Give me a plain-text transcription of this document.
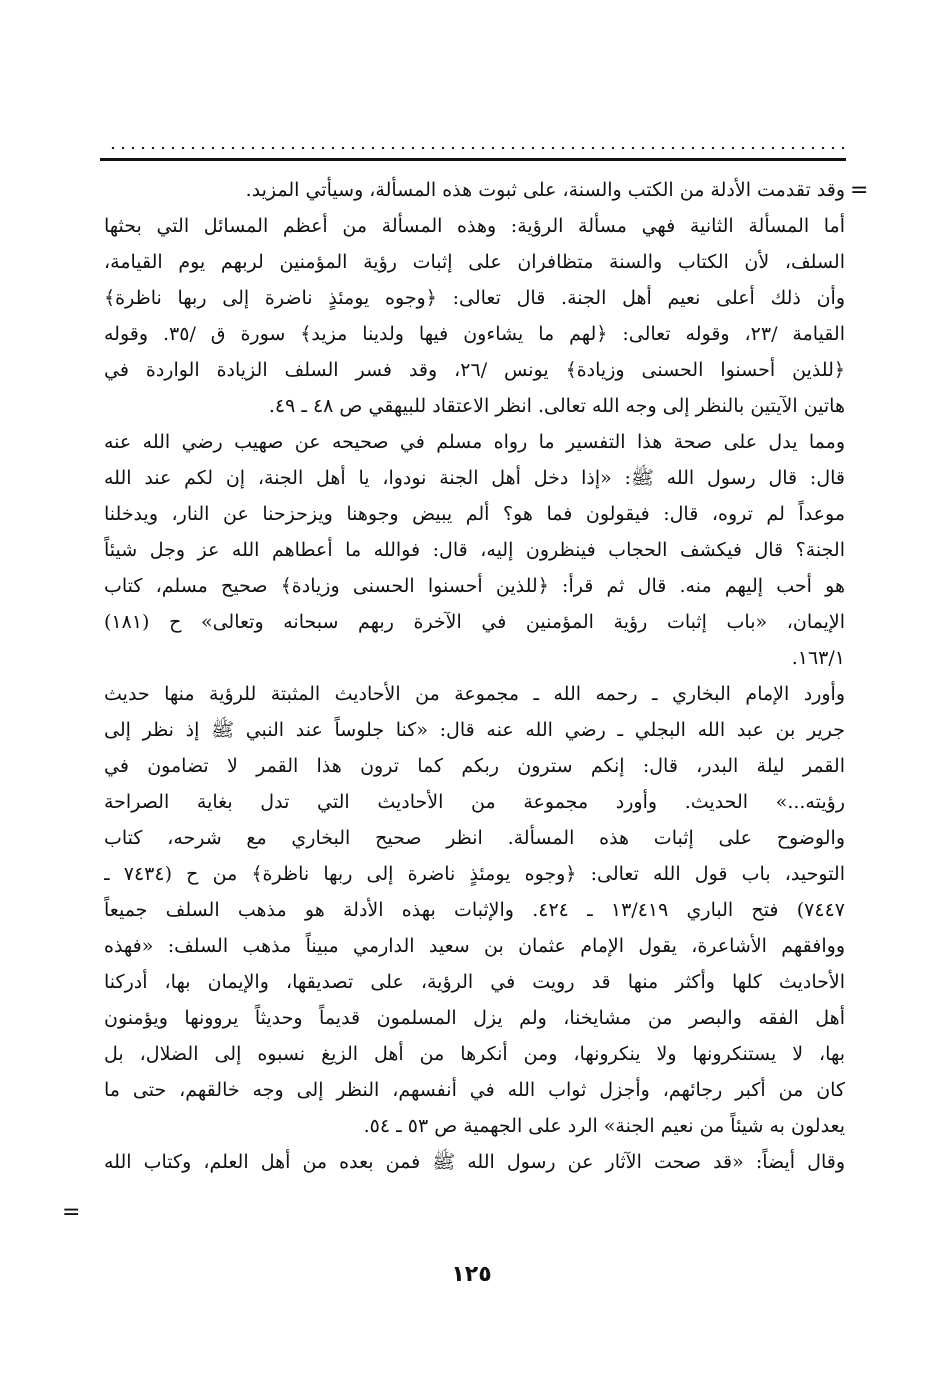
=

وقد تقدمت الأدلة من الكتب والسنة، على ثبوت هذه المسألة، وسيأتي المزيد.

أما المسألة الثانية فهي مسألة الرؤية: وهذه المسألة من أعظم المسائل التي بحثها
السلف، لأن الكتاب والسنة متظافران على إثبات رؤية المؤمنين لربهم يوم القيامة،
وأن ذلك أعلى نعيم أهل الجنة. قال تعالى: ﴿وجوه يومئذٍ ناضرة إلى ربها ناظرة﴾
القيامة /٢٣، وقوله تعالى: ﴿لهم ما يشاءون فيها ولدينا مزيد﴾ سورة ق /٣٥. وقوله
﴿للذين أحسنوا الحسنى وزيادة﴾ يونس /٢٦، وقد فسر السلف الزيادة الواردة في
هاتين الآيتين بالنظر إلى وجه الله تعالى. انظر الاعتقاد للبيهقي ص ٤٨ ـ ٤٩.

ومما يدل على صحة هذا التفسير ما رواه مسلم في صحيحه عن صهيب رضي الله عنه
قال: قال رسول الله ﷺ: «إذا دخل أهل الجنة نودوا، يا أهل الجنة، إن لكم عند الله
موعداً لم تروه، قال: فيقولون فما هو؟ ألم يبيض وجوهنا ويزحزحنا عن النار، ويدخلنا
الجنة؟ قال فيكشف الحجاب فينظرون إليه، قال: فوالله ما أعطاهم الله عز وجل شيئاً
هو أحب إليهم منه. قال ثم قرأ: ﴿للذين أحسنوا الحسنى وزيادة﴾ صحيح مسلم، كتاب
الإيمان، «باب إثبات رؤية المؤمنين في الآخرة ربهم سبحانه وتعالى» ح (١٨١)
١٦٣/١.

وأورد الإمام البخاري ـ رحمه الله ـ مجموعة من الأحاديث المثبتة للرؤية منها حديث
جرير بن عبد الله البجلي ـ رضي الله عنه قال: «كنا جلوساً عند النبي ﷺ إذ نظر إلى
القمر ليلة البدر، قال: إنكم سترون ربكم كما ترون هذا القمر لا تضامون في
رؤيته...» الحديث. وأورد مجموعة من الأحاديث التي تدل بغاية الصراحة
والوضوح على إثبات هذه المسألة. انظر صحيح البخاري مع شرحه، كتاب
التوحيد، باب قول الله تعالى: ﴿وجوه يومئذٍ ناضرة إلى ربها ناظرة﴾ من ح (٧٤٣٤ ـ
٧٤٤٧) فتح الباري ١٣/٤١٩ ـ ٤٢٤. والإثبات بهذه الأدلة هو مذهب السلف جميعاً
ووافقهم الأشاعرة، يقول الإمام عثمان بن سعيد الدارمي مبيناً مذهب السلف: «فهذه
الأحاديث كلها وأكثر منها قد رويت في الرؤية، على تصديقها، والإيمان بها، أدركنا
أهل الفقه والبصر من مشايخنا، ولم يزل المسلمون قديماً وحديثاً يروونها ويؤمنون
بها، لا يستنكرونها ولا ينكرونها، ومن أنكرها من أهل الزيغ نسبوه إلى الضلال، بل
كان من أكبر رجائهم، وأجزل ثواب الله في أنفسهم، النظر إلى وجه خالقهم، حتى ما
يعدلون به شيئاً من نعيم الجنة» الرد على الجهمية ص ٥٣ ـ ٥٤.

وقال أيضاً: «قد صحت الآثار عن رسول الله ﷺ فمن بعده من أهل العلم، وكتاب الله

=
١٢٥
